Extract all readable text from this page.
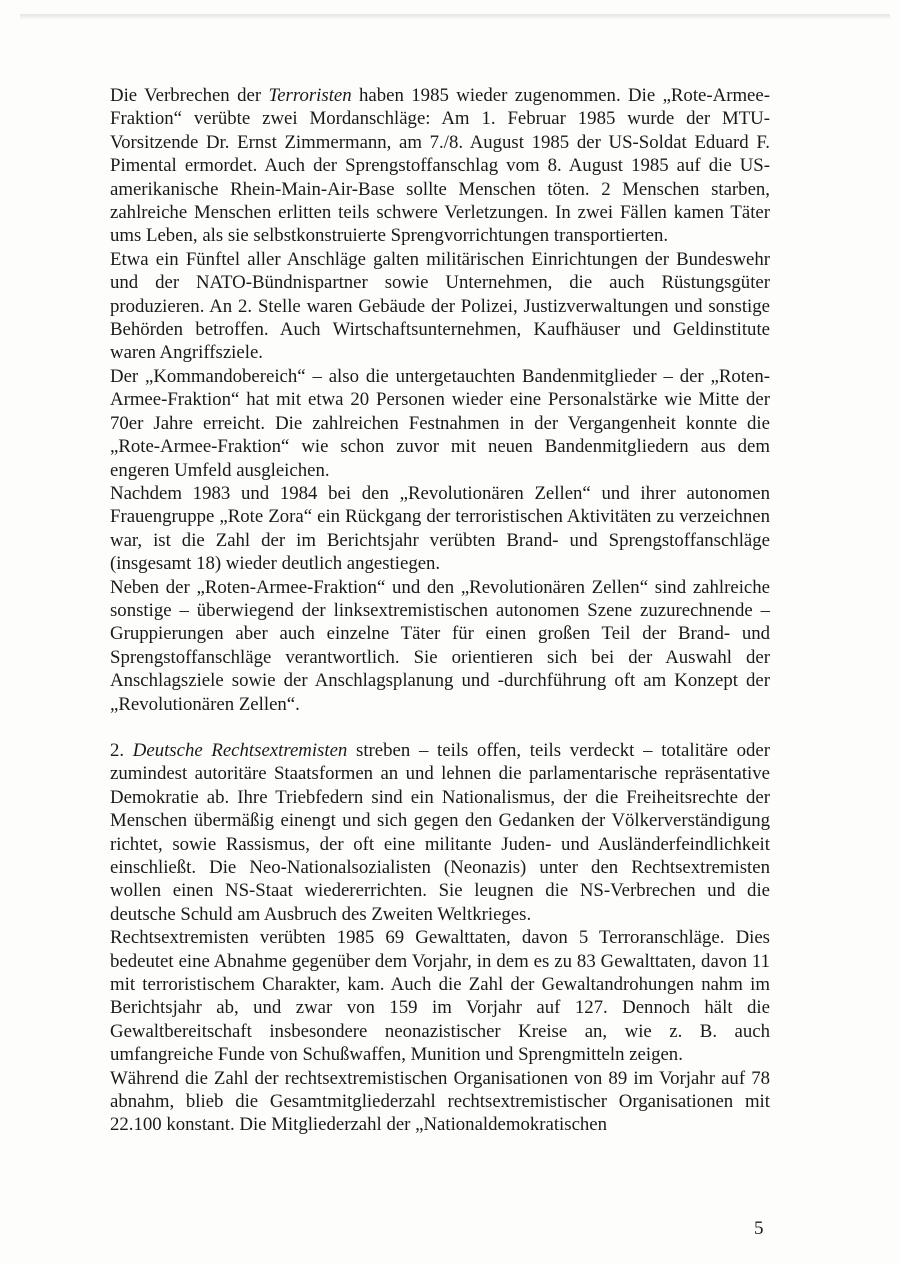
Die Verbrechen der Terroristen haben 1985 wieder zugenommen. Die „Rote-Armee-Fraktion“ verübte zwei Mordanschläge: Am 1. Februar 1985 wurde der MTU-Vorsitzende Dr. Ernst Zimmermann, am 7./8. August 1985 der US-Soldat Eduard F. Pimental ermordet. Auch der Sprengstoffanschlag vom 8. August 1985 auf die US-amerikanische Rhein-Main-Air-Base sollte Menschen töten. 2 Menschen starben, zahlreiche Menschen erlitten teils schwere Verletzungen. In zwei Fällen kamen Täter ums Leben, als sie selbstkonstruierte Sprengvorrichtungen transportierten.

Etwa ein Fünftel aller Anschläge galten militärischen Einrichtungen der Bundeswehr und der NATO-Bündnispartner sowie Unternehmen, die auch Rüstungsgüter produzieren. An 2. Stelle waren Gebäude der Polizei, Justizverwaltungen und sonstige Behörden betroffen. Auch Wirtschaftsunternehmen, Kaufhäuser und Geldinstitute waren Angriffsziele.

Der „Kommandobereich“ – also die untergetauchten Bandenmitglieder – der „Roten-Armee-Fraktion“ hat mit etwa 20 Personen wieder eine Personalstärke wie Mitte der 70er Jahre erreicht. Die zahlreichen Festnahmen in der Vergangenheit konnte die „Rote-Armee-Fraktion“ wie schon zuvor mit neuen Bandenmitgliedern aus dem engeren Umfeld ausgleichen.

Nachdem 1983 und 1984 bei den „Revolutionären Zellen“ und ihrer autonomen Frauengruppe „Rote Zora“ ein Rückgang der terroristischen Aktivitäten zu verzeichnen war, ist die Zahl der im Berichtsjahr verübten Brand- und Sprengstoffanschläge (insgesamt 18) wieder deutlich angestiegen.

Neben der „Roten-Armee-Fraktion“ und den „Revolutionären Zellen“ sind zahlreiche sonstige – überwiegend der linksextremistischen autonomen Szene zuzurechnende – Gruppierungen aber auch einzelne Täter für einen großen Teil der Brand- und Sprengstoffanschläge verantwortlich. Sie orientieren sich bei der Auswahl der Anschlagsziele sowie der Anschlagsplanung und -durchführung oft am Konzept der „Revolutionären Zellen“.

2. Deutsche Rechtsextremisten streben – teils offen, teils verdeckt – totalitäre oder zumindest autoritäre Staatsformen an und lehnen die parlamentarische repräsentative Demokratie ab. Ihre Triebfedern sind ein Nationalismus, der die Freiheitsrechte der Menschen übermäßig einengt und sich gegen den Gedanken der Völkerverständigung richtet, sowie Rassismus, der oft eine militante Juden- und Ausländerfeindlichkeit einschließt. Die Neo-Nationalsozialisten (Neonazis) unter den Rechtsextremisten wollen einen NS-Staat wiedererrichten. Sie leugnen die NS-Verbrechen und die deutsche Schuld am Ausbruch des Zweiten Weltkrieges.

Rechtsextremisten verübten 1985 69 Gewalttaten, davon 5 Terroranschläge. Dies bedeutet eine Abnahme gegenüber dem Vorjahr, in dem es zu 83 Gewalttaten, davon 11 mit terroristischem Charakter, kam. Auch die Zahl der Gewaltandrohungen nahm im Berichtsjahr ab, und zwar von 159 im Vorjahr auf 127. Dennoch hält die Gewaltbereitschaft insbesondere neonazistischer Kreise an, wie z. B. auch umfangreiche Funde von Schußwaffen, Munition und Sprengmitteln zeigen.

Während die Zahl der rechtsextremistischen Organisationen von 89 im Vorjahr auf 78 abnahm, blieb die Gesamtmitgliederzahl rechtsextremistischer Organisationen mit 22.100 konstant. Die Mitgliederzahl der „Nationaldemokratischen

5
